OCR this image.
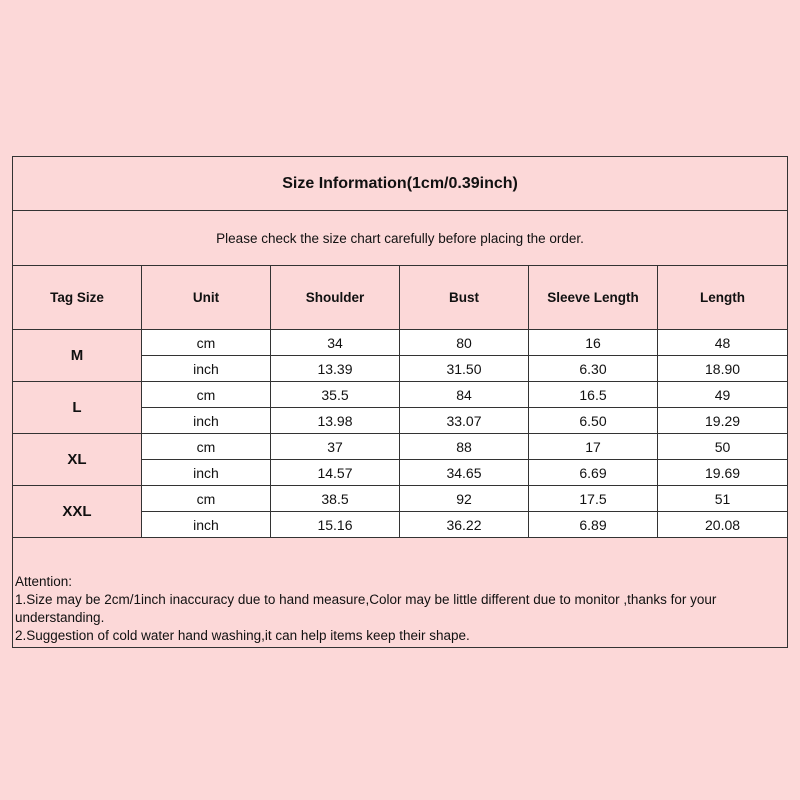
Size Information(1cm/0.39inch)					
Please check the size chart carefully before placing the order.					
Tag Size	Unit	Shoulder	Bust	Sleeve Length	Length
M	cm	34	80	16	48
	inch	13.39	31.50	6.30	18.90
L	cm	35.5	84	16.5	49
	inch	13.98	33.07	6.50	19.29
XL	cm	37	88	17	50
	inch	14.57	34.65	6.69	19.69
XXL	cm	38.5	92	17.5	51
	inch	15.16	36.22	6.89	20.08

Attention:
1.Size may be 2cm/1inch inaccuracy due to hand measure,Color may be little different due to monitor ,thanks for your understanding.
2.Suggestion of cold water hand washing,it can help items keep their shape.					
